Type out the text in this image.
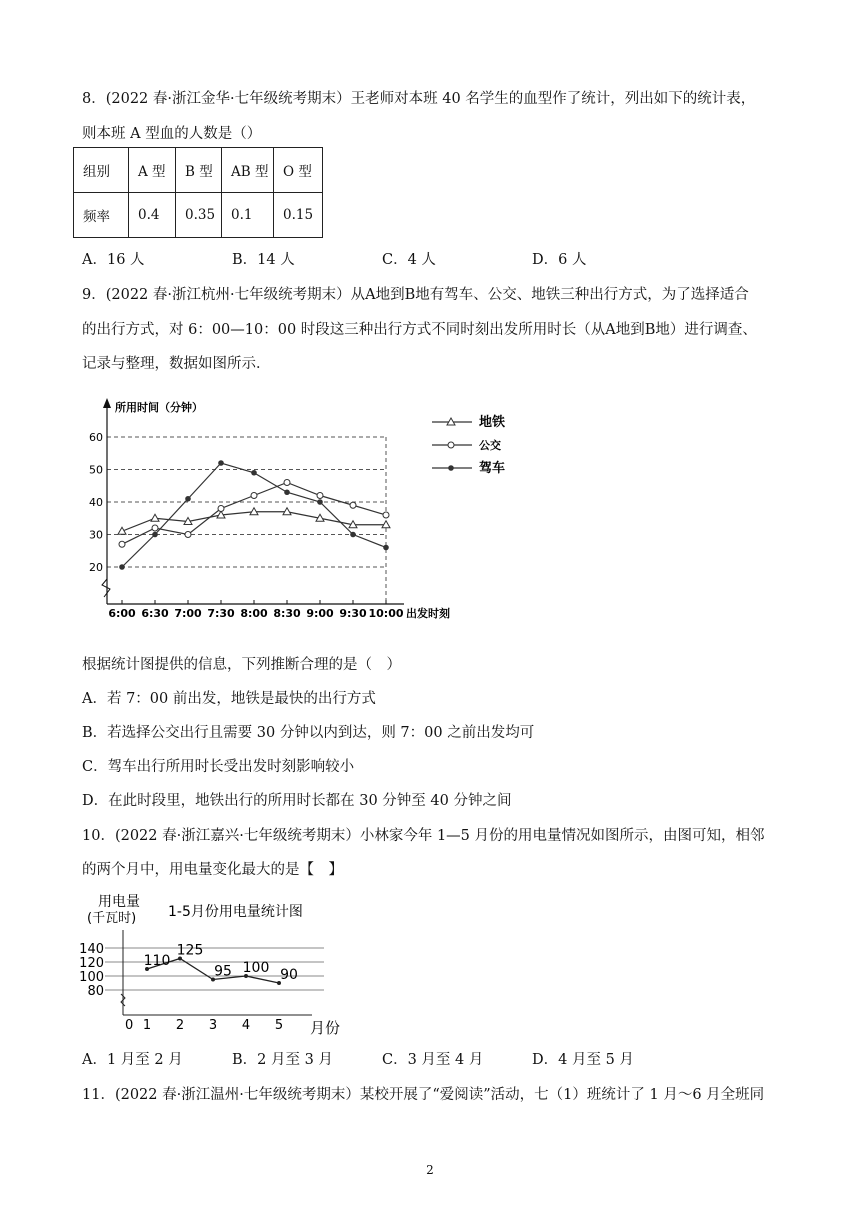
8．(2022 春·浙江金华·七年级统考期末）王老师对本班 40 名学生的血型作了统计，列出如下的统计表，
则本班 A 型血的人数是（）
组别	A 型	B 型	AB 型	O 型
频率	0.4	0.35	0.1	0.15
A．16 人	B．14 人	C．4 人	D．6 人
9．(2022 春·浙江杭州·七年级统考期末）从A地到B地有驾车、公交、地铁三种出行方式，为了选择适合
的出行方式，对 6：00—10：00 时段这三种出行方式不同时刻出发所用时长（从A地到B地）进行调查、
记录与整理，数据如图所示．
20
30
40
50
60
所用时间（分钟）
出发时刻
6:00 6:30 7:00 7:30 8:00 8:30 9:00 9:30 10:00
地铁
公交
驾车
根据统计图提供的信息，下列推断合理的是（　）
A．若 7：00 前出发，地铁是最快的出行方式
B．若选择公交出行且需要 30 分钟以内到达，则 7：00 之前出发均可
C．驾车出行所用时长受出发时刻影响较小
D．在此时段里，地铁出行的所用时长都在 30 分钟至 40 分钟之间
10．(2022 春·浙江嘉兴·七年级统考期末）小林家今年 1—5 月份的用电量情况如图所示，由图可知，相邻
的两个月中，用电量变化最大的是【　】
用电量
(千瓦时) 1-5月份用电量统计图
80
100
120
140
0	月份
1 2 3 4 5
110
125
95 100 90
A．1 月至 2 月	B．2 月至 3 月	C．3 月至 4 月	D．4 月至 5 月
11．(2022 春·浙江温州·七年级统考期末）某校开展了“爱阅读”活动，七（1）班统计了 1 月～6 月全班同
2
